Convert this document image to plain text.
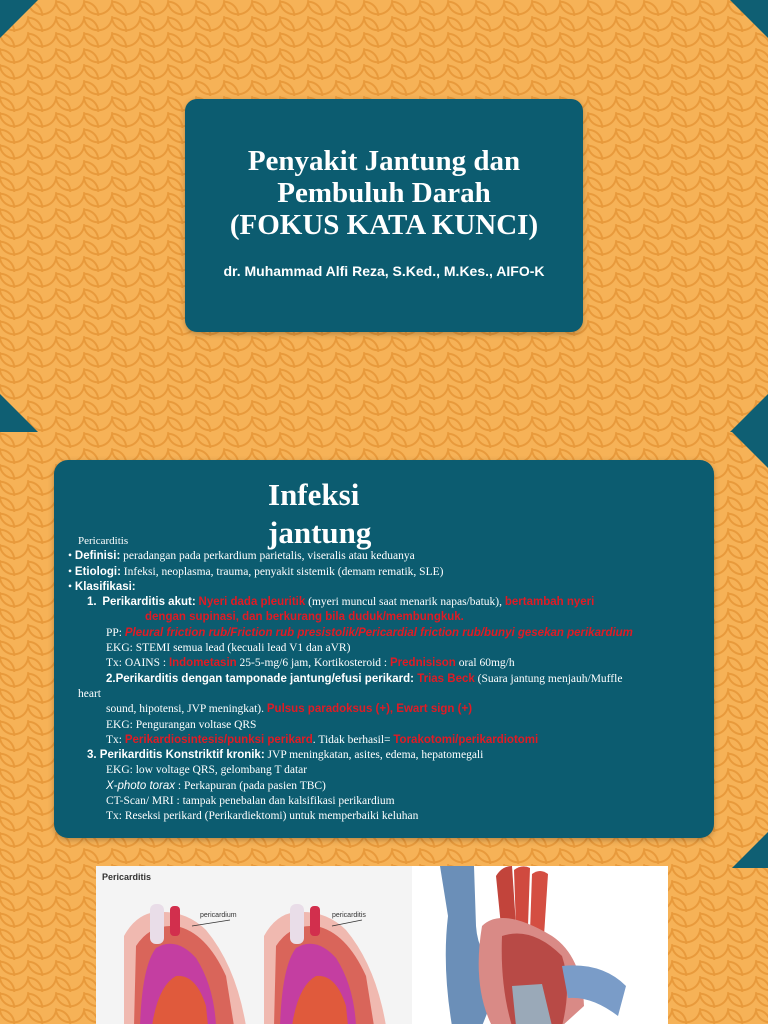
Penyakit Jantung dan
Pembuluh Darah
(FOKUS KATA KUNCI)
dr. Muhammad Alfi Reza, S.Ked., M.Kes., AIFO-K
Infeksi
jantung
Pericarditis
• Definisi: peradangan pada perkardium parietalis, viseralis atau keduanya
• Etiologi: Infeksi, neoplasma, trauma, penyakit sistemik (demam rematik, SLE)
• Klasifikasi:
1. Perikarditis akut: Nyeri dada pleuritik (myeri muncul saat menarik napas/batuk), bertambah nyeri
dengan supinasi, dan berkurang bila duduk/membungkuk.
PP: Pleural friction rub/Friction rub presistolik/Pericardial friction rub/bunyi gesekan perikardium
EKG: STEMI semua lead (kecuali lead V1 dan aVR)
Tx: OAINS : Indometasin 25-5-mg/6 jam, Kortikosteroid : Prednisison oral 60mg/h
2.Perikarditis dengan tamponade jantung/efusi perikard: Trias Beck (Suara jantung menjauh/Muffle
heart
sound, hipotensi, JVP meningkat). Pulsus paradoksus (+), Ewart sign (+)
EKG: Pengurangan voltase QRS
Tx: Perikardiosintesis/punksi perikard. Tidak berhasil= Torakotomi/perikardiotomi
3. Perikarditis Konstriktif kronik: JVP meningkatan, asites, edema, hepatomegali
EKG: low voltage QRS, gelombang T datar
X-photo torax : Perkapuran (pada pasien TBC)
CT-Scan/ MRI : tampak penebalan dan kalsifikasi perikardium
Tx: Reseksi perikard (Perikardiektomi) untuk memperbaiki keluhan
Pericarditis
pericardium	pericarditis
